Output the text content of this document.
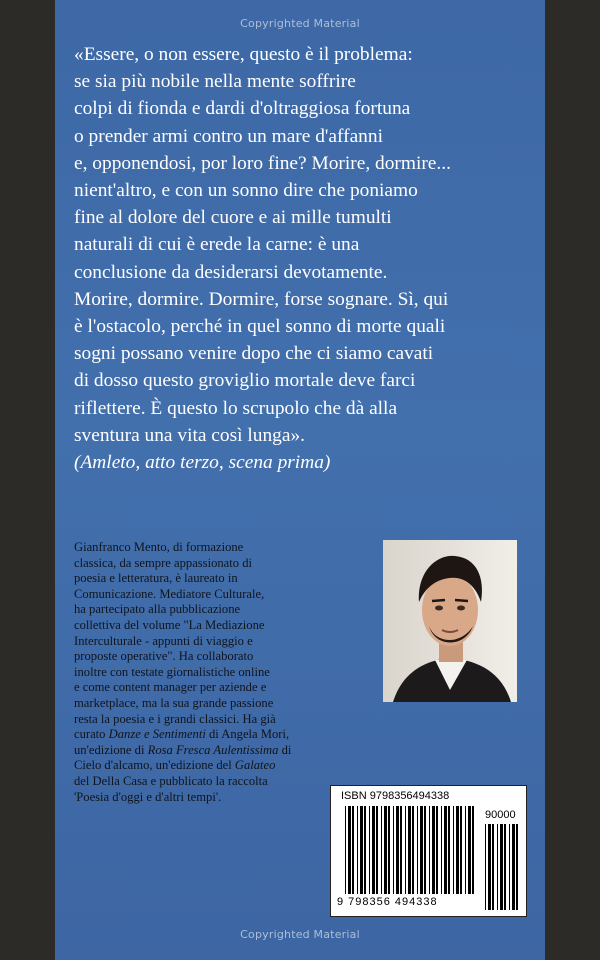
Copyrighted Material
«Essere, o non essere, questo è il problema:
se sia più nobile nella mente soffrire
colpi di fionda e dardi d'oltraggiosa fortuna
o prender armi contro un mare d'affanni
e, opponendosi, por loro fine? Morire, dormire...
nient'altro, e con un sonno dire che poniamo
fine al dolore del cuore e ai mille tumulti
naturali di cui è erede la carne: è una
conclusione da desiderarsi devotamente.
Morire, dormire. Dormire, forse sognare. Sì, qui
è l'ostacolo, perché in quel sonno di morte quali
sogni possano venire dopo che ci siamo cavati
di dosso questo groviglio mortale deve farci
riflettere. È questo lo scrupolo che dà alla
sventura una vita così lunga».
(Amleto, atto terzo, scena prima)
Gianfranco Mento, di formazione
classica, da sempre appassionato di
poesia e letteratura, è laureato in
Comunicazione. Mediatore Culturale,
ha partecipato alla pubblicazione
collettiva del volume "La Mediazione
Interculturale - appunti di viaggio e
proposte operative". Ha collaborato
inoltre con testate giornalistiche online
e come content manager per aziende e
marketplace, ma la sua grande passione
resta la poesia e i grandi classici. Ha già
curato Danze e Sentimenti di Angela Mori,
un'edizione di Rosa Fresca Aulentissima di
Cielo d'alcamo, un'edizione del Galateo
del Della Casa e pubblicato la raccolta
'Poesia d'oggi e d'altri tempi'.	ISBN 9798356494338
90000
9 798356 494338
Copyrighted Material
